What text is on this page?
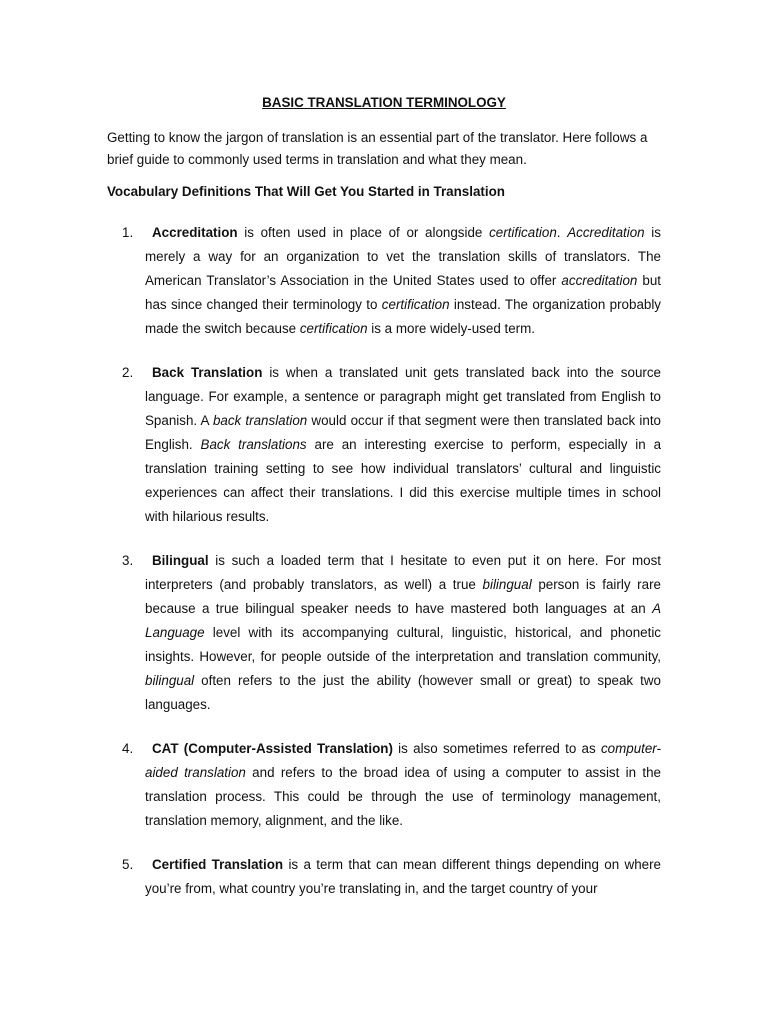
BASIC TRANSLATION TERMINOLOGY

Getting to know the jargon of translation is an essential part of the translator. Here follows a brief guide to commonly used terms in translation and what they mean.

Vocabulary Definitions That Will Get You Started in Translation
1. Accreditation is often used in place of or alongside certification. Accreditation is merely a way for an organization to vet the translation skills of translators. The American Translator’s Association in the United States used to offer accreditation but has since changed their terminology to certification instead. The organization probably made the switch because certification is a more widely-used term.
2. Back Translation is when a translated unit gets translated back into the source language. For example, a sentence or paragraph might get translated from English to Spanish. A back translation would occur if that segment were then translated back into English. Back translations are an interesting exercise to perform, especially in a translation training setting to see how individual translators’ cultural and linguistic experiences can affect their translations. I did this exercise multiple times in school with hilarious results.
3. Bilingual is such a loaded term that I hesitate to even put it on here. For most interpreters (and probably translators, as well) a true bilingual person is fairly rare because a true bilingual speaker needs to have mastered both languages at an A Language level with its accompanying cultural, linguistic, historical, and phonetic insights. However, for people outside of the interpretation and translation community, bilingual often refers to the just the ability (however small or great) to speak two languages.
4. CAT (Computer-Assisted Translation) is also sometimes referred to as computer-aided translation and refers to the broad idea of using a computer to assist in the translation process. This could be through the use of terminology management, translation memory, alignment, and the like.
5. Certified Translation is a term that can mean different things depending on where you’re from, what country you’re translating in, and the target country of your
